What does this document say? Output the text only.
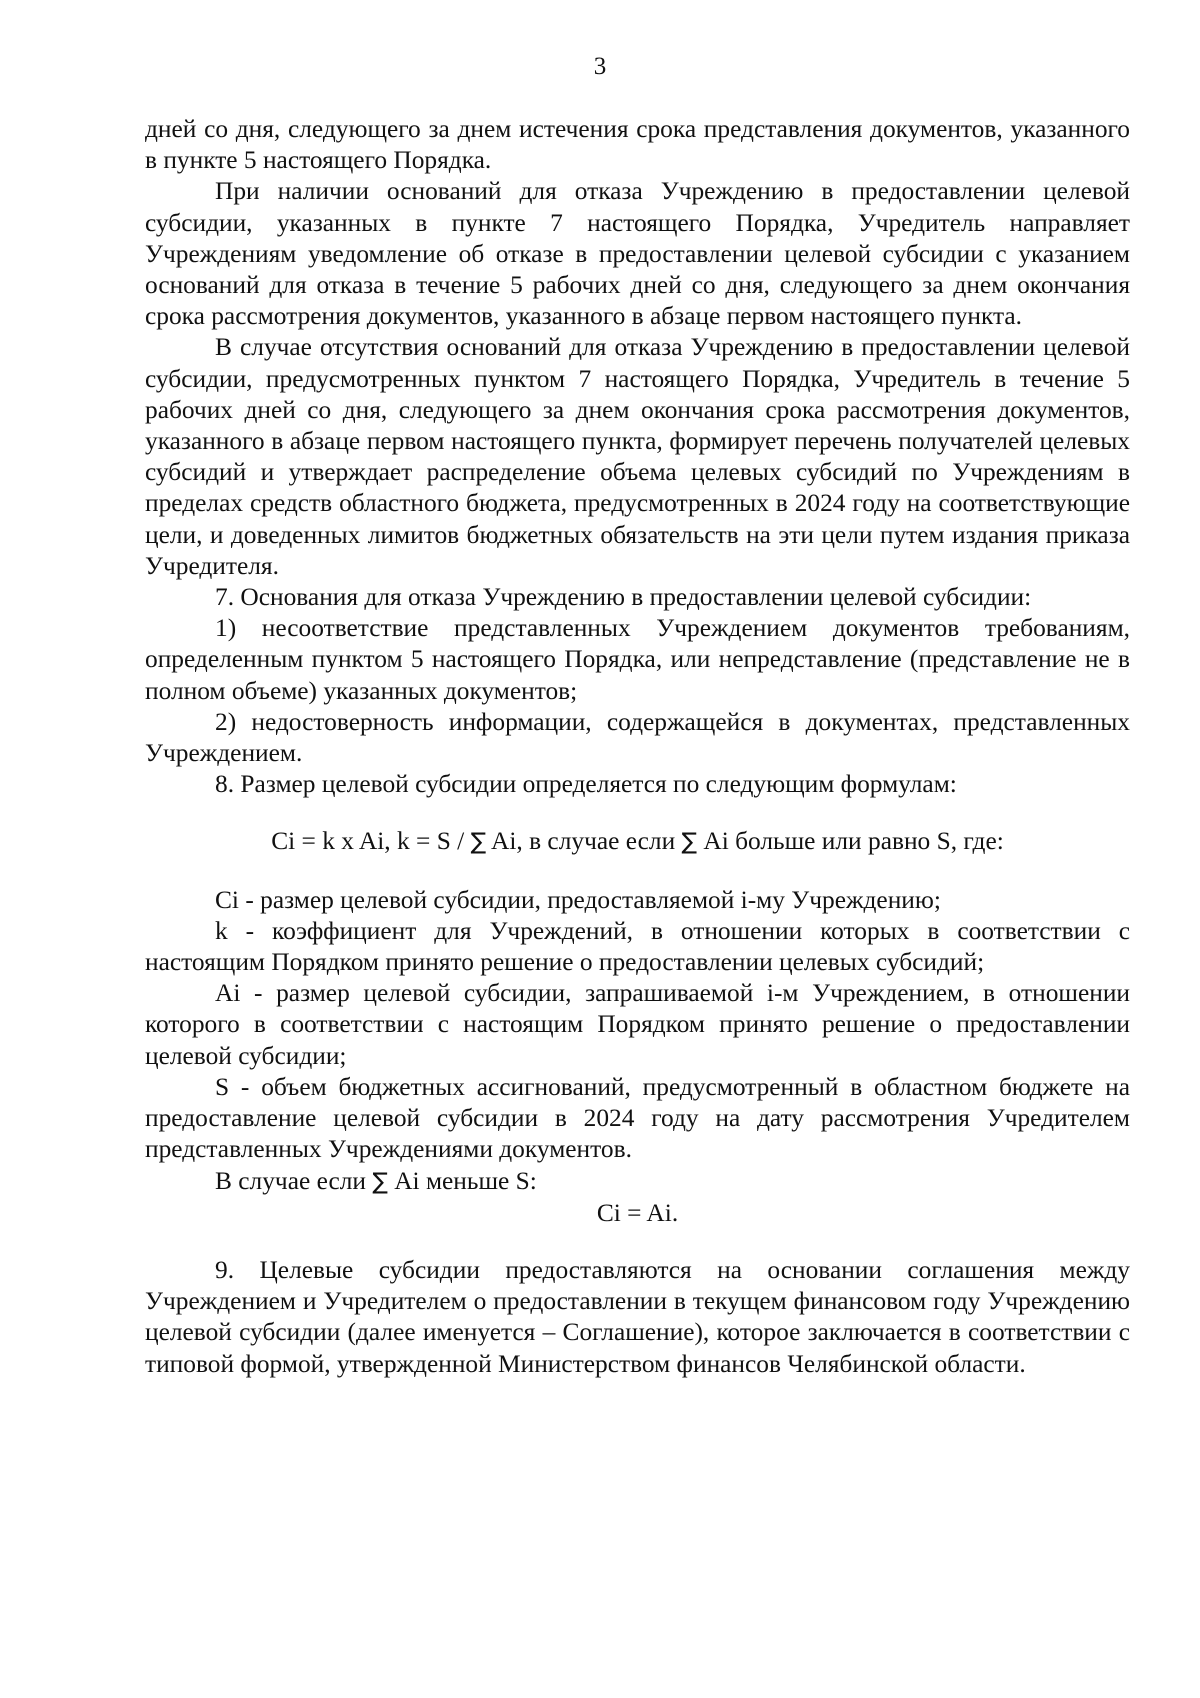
3

дней со дня, следующего за днем истечения срока представления документов, указанного в пункте 5 настоящего Порядка.

При наличии оснований для отказа Учреждению в предоставлении целевой субсидии, указанных в пункте 7 настоящего Порядка, Учредитель направляет Учреждениям уведомление об отказе в предоставлении целевой субсидии с указанием оснований для отказа в течение 5 рабочих дней со дня, следующего за днем окончания срока рассмотрения документов, указанного в абзаце первом настоящего пункта.

В случае отсутствия оснований для отказа Учреждению в предоставлении целевой субсидии, предусмотренных пунктом 7 настоящего Порядка, Учредитель в течение 5 рабочих дней со дня, следующего за днем окончания срока рассмотрения документов, указанного в абзаце первом настоящего пункта, формирует перечень получателей целевых субсидий и утверждает распределение объема целевых субсидий по Учреждениям в пределах средств областного бюджета, предусмотренных в 2024 году на соответствующие цели, и доведенных лимитов бюджетных обязательств на эти цели путем издания приказа Учредителя.

7. Основания для отказа Учреждению в предоставлении целевой субсидии:

1) несоответствие представленных Учреждением документов требованиям, определенным пунктом 5 настоящего Порядка, или непредставление (представление не в полном объеме) указанных документов;

2) недостоверность информации, содержащейся в документах, представленных Учреждением.

8. Размер целевой субсидии определяется по следующим формулам:

Ci = k x Ai, k = S / ∑ Ai, в случае если ∑ Ai больше или равно S, где:

Ci - размер целевой субсидии, предоставляемой i-му Учреждению;

k - коэффициент для Учреждений, в отношении которых в соответствии с настоящим Порядком принято решение о предоставлении целевых субсидий;

Ai - размер целевой субсидии, запрашиваемой i-м Учреждением, в отношении которого в соответствии с настоящим Порядком принято решение о предоставлении целевой субсидии;

S - объем бюджетных ассигнований, предусмотренный в областном бюджете на предоставление целевой субсидии в 2024 году на дату рассмотрения Учредителем представленных Учреждениями документов.

В случае если ∑ Ai меньше S:

Ci = Ai.

9. Целевые субсидии предоставляются на основании соглашения между Учреждением и Учредителем о предоставлении в текущем финансовом году Учреждению целевой субсидии (далее именуется – Соглашение), которое заключается в соответствии с типовой формой, утвержденной Министерством финансов Челябинской области.
